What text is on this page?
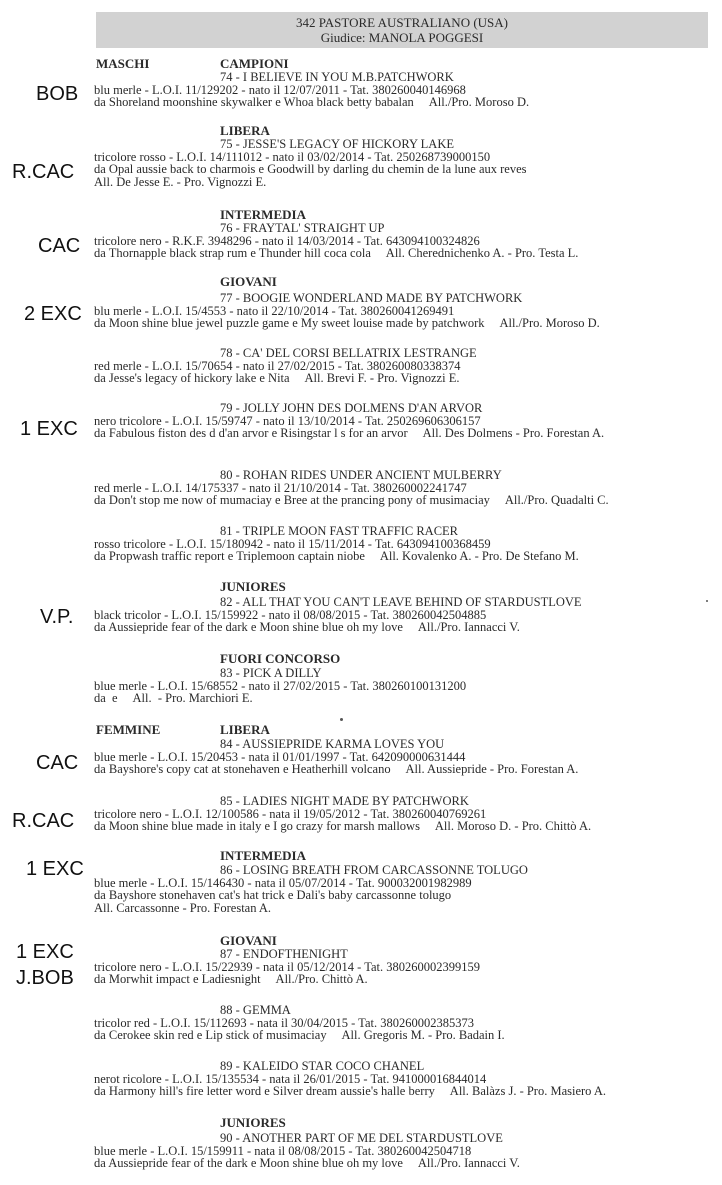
342 PASTORE AUSTRALIANO (USA)
Giudice: MANOLA POGGESI
MASCHI	CAMPIONI
LIBERA
INTERMEDIA
GIOVANI
JUNIORES
FUORI CONCORSO
FEMMINE	LIBERA
INTERMEDIA
GIOVANI
JUNIORES
74 - I BELIEVE IN YOU M.B.PATCHWORK
blu merle - L.O.I. 11/129202 - nato il 12/07/2011 - Tat. 380260040146968
da Shoreland moonshine skywalker e Whoa black betty babalan     All./Pro. Moroso D.
75 - JESSE'S LEGACY OF HICKORY LAKE
tricolore rosso - L.O.I. 14/111012 - nato il 03/02/2014 - Tat. 250268739000150
da Opal aussie back to charmois e Goodwill by darling du chemin de la lune aux reves
All. De Jesse E. - Pro. Vignozzi E.
76 - FRAYTAL' STRAIGHT UP
tricolore nero - R.K.F. 3948296 - nato il 14/03/2014 - Tat. 643094100324826
da Thornapple black strap rum e Thunder hill coca cola     All. Cherednichenko A. - Pro. Testa L.
77 - BOOGIE WONDERLAND MADE BY PATCHWORK
blu merle - L.O.I. 15/4553 - nato il 22/10/2014 - Tat. 380260041269491
da Moon shine blue jewel puzzle game e My sweet louise made by patchwork     All./Pro. Moroso D.
78 - CA' DEL CORSI BELLATRIX LESTRANGE
red merle - L.O.I. 15/70654 - nato il 27/02/2015 - Tat. 380260080338374
da Jesse's legacy of hickory lake e Nita     All. Brevi F. - Pro. Vignozzi E.
79 - JOLLY JOHN DES DOLMENS D'AN ARVOR
nero tricolore - L.O.I. 15/59747 - nato il 13/10/2014 - Tat. 250269606306157
da Fabulous fiston des d d'an arvor e Risingstar l s for an arvor     All. Des Dolmens - Pro. Forestan A.
80 - ROHAN RIDES UNDER ANCIENT MULBERRY
red merle - L.O.I. 14/175337 - nato il 21/10/2014 - Tat. 380260002241747
da Don't stop me now of mumaciay e Bree at the prancing pony of musimaciay     All./Pro. Quadalti C.
81 - TRIPLE MOON FAST TRAFFIC RACER
rosso tricolore - L.O.I. 15/180942 - nato il 15/11/2014 - Tat. 643094100368459
da Propwash traffic report e Triplemoon captain niobe     All. Kovalenko A. - Pro. De Stefano M.
82 - ALL THAT YOU CAN'T LEAVE BEHIND OF STARDUSTLOVE
black tricolor - L.O.I. 15/159922 - nato il 08/08/2015 - Tat. 380260042504885
da Aussiepride fear of the dark e Moon shine blue oh my love     All./Pro. Iannacci V.
83 - PICK A DILLY
blue merle - L.O.I. 15/68552 - nato il 27/02/2015 - Tat. 380260100131200
da  e     All.  - Pro. Marchiori E.
84 - AUSSIEPRIDE KARMA LOVES YOU
blue merle - L.O.I. 15/20453 - nata il 01/01/1997 - Tat. 642090000631444
da Bayshore's copy cat at stonehaven e Heatherhill volcano     All. Aussiepride - Pro. Forestan A.
85 - LADIES NIGHT MADE BY PATCHWORK
tricolore nero - L.O.I. 12/100586 - nata il 19/05/2012 - Tat. 380260040769261
da Moon shine blue made in italy e I go crazy for marsh mallows     All. Moroso D. - Pro. Chittò A.
86 - LOSING BREATH FROM CARCASSONNE TOLUGO
blue merle - L.O.I. 15/146430 - nata il 05/07/2014 - Tat. 900032001982989
da Bayshore stonehaven cat's hat trick e Dali's baby carcassonne tolugo
All. Carcassonne - Pro. Forestan A.
87 - ENDOFTHENIGHT
tricolore nero - L.O.I. 15/22939 - nata il 05/12/2014 - Tat. 380260002399159
da Morwhit impact e Ladiesnight     All./Pro. Chittò A.
88 - GEMMA
tricolor red - L.O.I. 15/112693 - nata il 30/04/2015 - Tat. 380260002385373
da Cerokee skin red e Lip stick of musimaciay     All. Gregoris M. - Pro. Badain I.
89 - KALEIDO STAR COCO CHANEL
nerot ricolore - L.O.I. 15/135534 - nata il 26/01/2015 - Tat. 941000016844014
da Harmony hill's fire letter word e Silver dream aussie's halle berry     All. Balàzs J. - Pro. Masiero A.
90 - ANOTHER PART OF ME DEL STARDUSTLOVE
blue merle - L.O.I. 15/159911 - nata il 08/08/2015 - Tat. 380260042504718
da Aussiepride fear of the dark e Moon shine blue oh my love     All./Pro. Iannacci V.
BOB
R.CAC
CAC
2 EXC
1 EXC
V.P.
CAC
R.CAC
1 EXC
1 EXC
J.BOB
